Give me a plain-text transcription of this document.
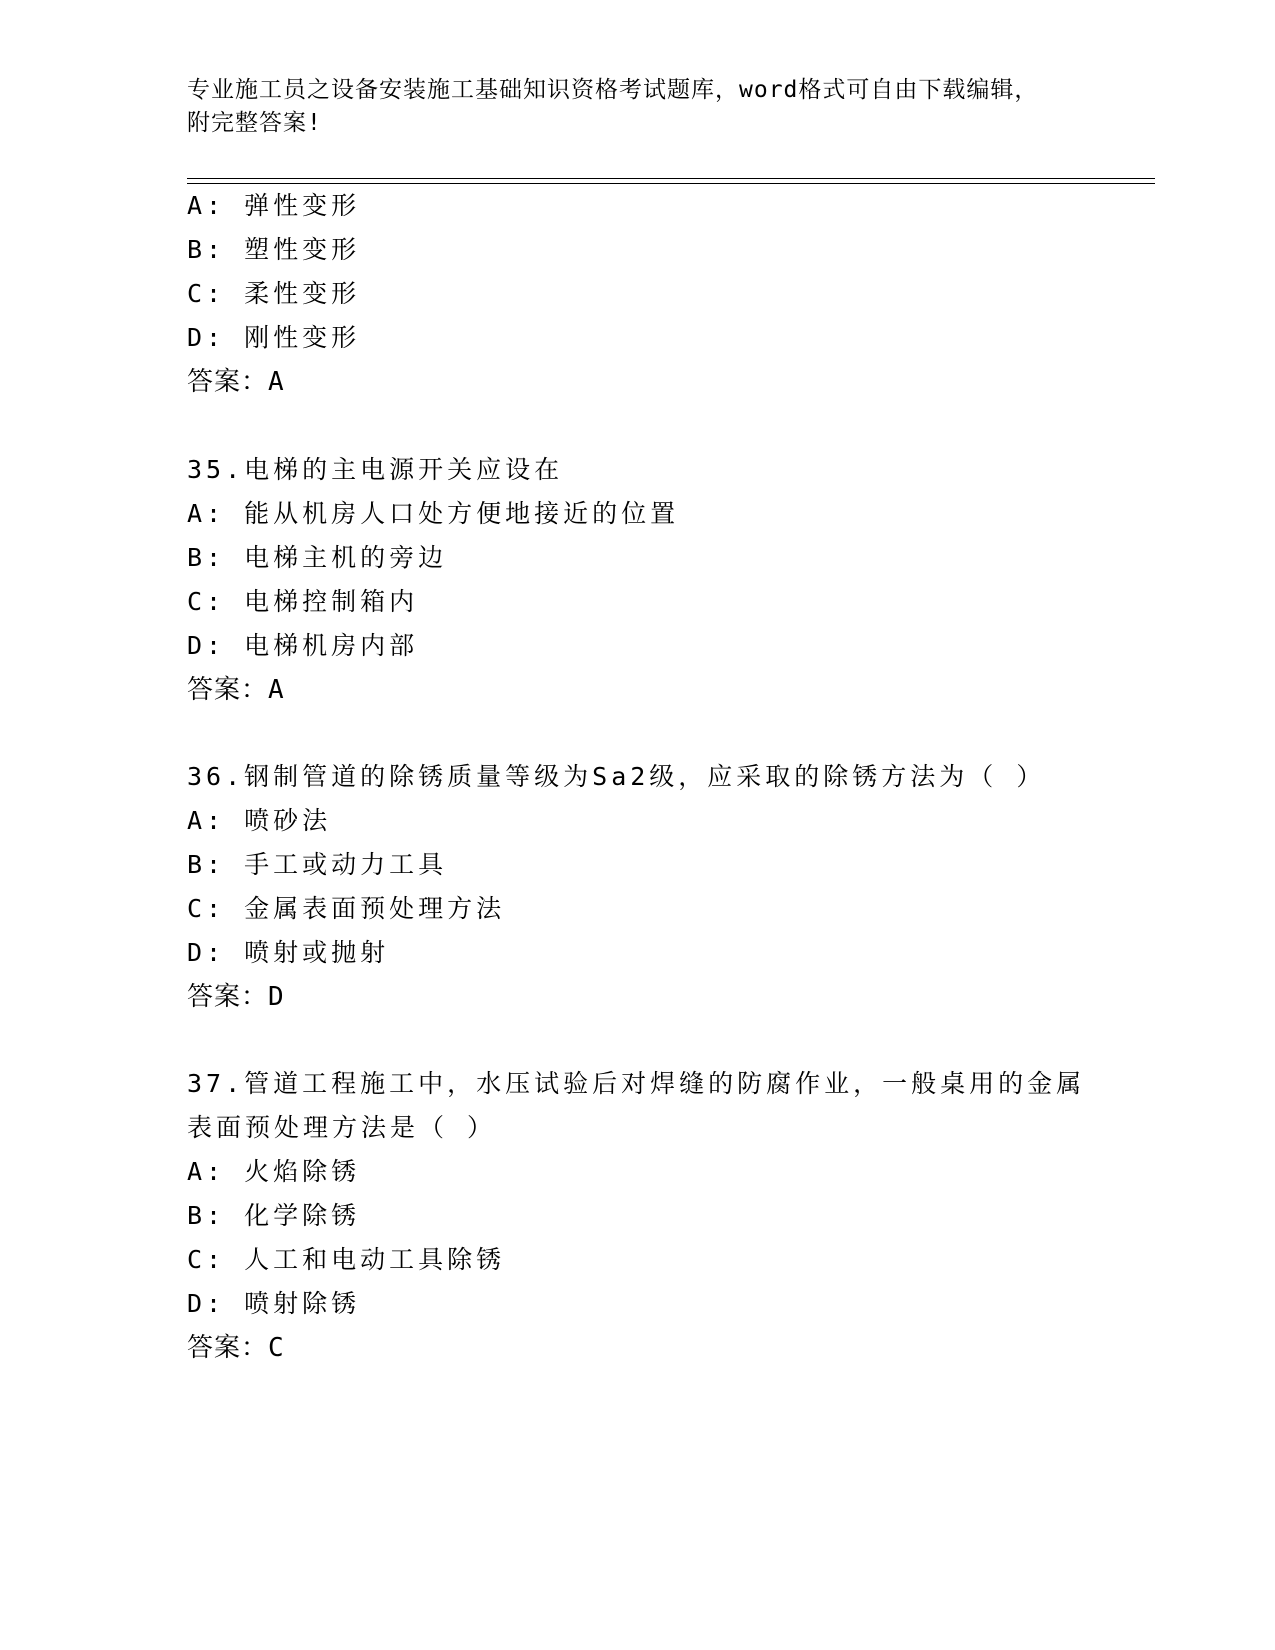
专业施工员之设备安装施工基础知识资格考试题库，word格式可自由下载编辑，
附完整答案!
A: 弹性变形
B: 塑性变形
C: 柔性变形
D: 刚性变形
答案：A
35.电梯的主电源开关应设在
A: 能从机房人口处方便地接近的位置
B: 电梯主机的旁边
C: 电梯控制箱内
D: 电梯机房内部
答案：A
36.钢制管道的除锈质量等级为Sa2级，应采取的除锈方法为（ ）
A: 喷砂法
B: 手工或动力工具
C: 金属表面预处理方法
D: 喷射或抛射
答案：D
37.管道工程施工中，水压试验后对焊缝的防腐作业，一般桌用的金属
表面预处理方法是（ ）
A: 火焰除锈
B: 化学除锈
C: 人工和电动工具除锈
D: 喷射除锈
答案：C
